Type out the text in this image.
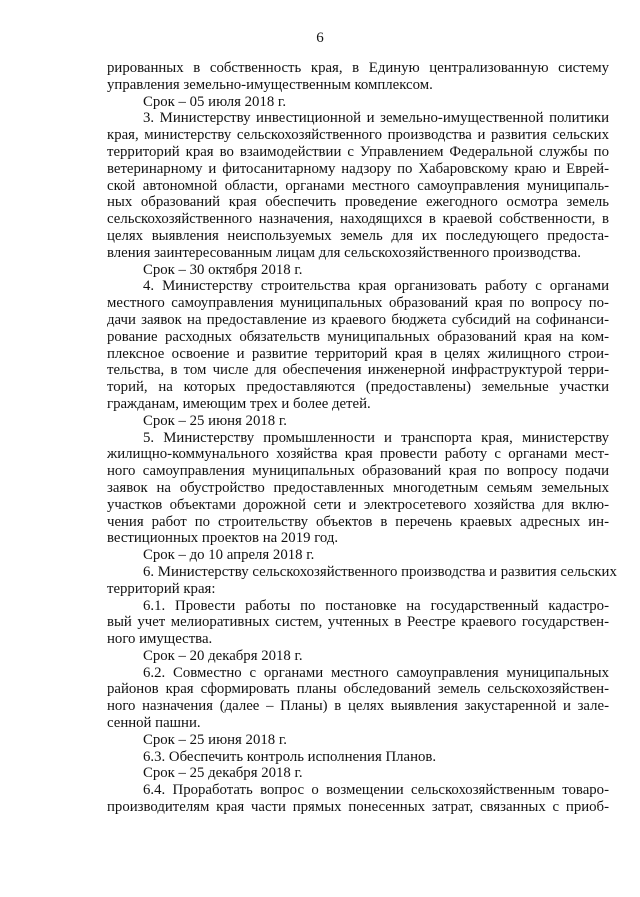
6
рированных в собственность края, в Единую централизованную систему
управления земельно-имущественным комплексом.
Срок – 05 июля 2018 г.
3. Министерству инвестиционной и земельно-имущественной политики
края, министерству сельскохозяйственного производства и развития сельских
территорий края во взаимодействии с Управлением Федеральной службы по
ветеринарному и фитосанитарному надзору по Хабаровскому краю и Еврей-
ской автономной области, органами местного самоуправления муниципаль-
ных образований края обеспечить проведение ежегодного осмотра земель
сельскохозяйственного назначения, находящихся в краевой собственности, в
целях выявления неиспользуемых земель для их последующего предоста-
вления заинтересованным лицам для сельскохозяйственного производства.
Срок – 30 октября 2018 г.
4. Министерству строительства края организовать работу с органами
местного самоуправления муниципальных образований края по вопросу по-
дачи заявок на предоставление из краевого бюджета субсидий на софинанси-
рование расходных обязательств муниципальных образований края на ком-
плексное освоение и развитие территорий края в целях жилищного строи-
тельства, в том числе для обеспечения инженерной инфраструктурой терри-
торий, на которых предоставляются (предоставлены) земельные участки
гражданам, имеющим трех и более детей.
Срок – 25 июня 2018 г.
5. Министерству промышленности и транспорта края, министерству
жилищно-коммунального хозяйства края провести работу с органами мест-
ного самоуправления муниципальных образований края по вопросу подачи
заявок на обустройство предоставленных многодетным семьям земельных
участков объектами дорожной сети и электросетевого хозяйства для вклю-
чения работ по строительству объектов в перечень краевых адресных ин-
вестиционных проектов на 2019 год.
Срок – до 10 апреля 2018 г.
6. Министерству сельскохозяйственного производства и развития сельских
территорий края:
6.1. Провести работы по постановке на государственный кадастро-
вый учет мелиоративных систем, учтенных в Реестре краевого государствен-
ного имущества.
Срок – 20 декабря 2018 г.
6.2. Совместно с органами местного самоуправления муниципальных
районов края сформировать планы обследований земель сельскохозяйствен-
ного назначения (далее – Планы) в целях выявления закустаренной и зале-
сенной пашни.
Срок – 25 июня 2018 г.
6.3. Обеспечить контроль исполнения Планов.
Срок – 25 декабря 2018 г.
6.4. Проработать вопрос о возмещении сельскохозяйственным товаро-
производителям края части прямых понесенных затрат, связанных с приоб-
